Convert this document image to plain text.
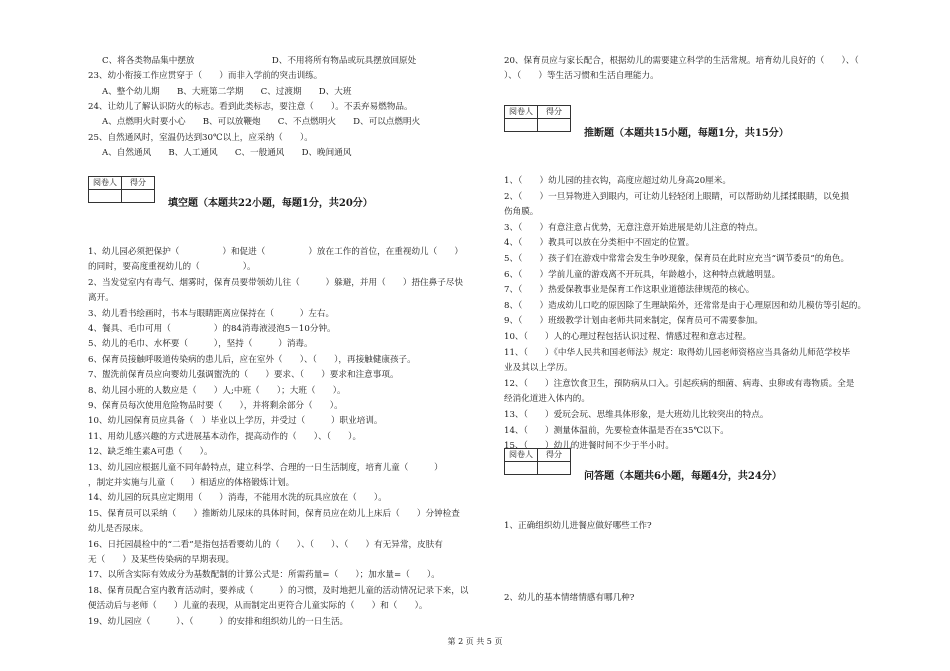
C、将各类物品集中摆放　　　　　　　　　D、不用将所有物品或玩具摆放回原处
23、幼小衔接工作应贯穿于（　　）而非入学前的突击训练。
A、整个幼儿期　　B、大班第二学期　　C、过渡期　　D、大班
24、让幼儿了解认识防火的标志。看到此类标志，要注意（　　）。不丢弃易燃物品。
A、点燃明火时要小心　　B、可以放鞭炮　　C、不点燃明火　　D、可以点燃明火
25、自然通风时，室温仍达到30℃以上，应采纳（　　）。
A、自然通风　　B、人工通风　　C、一般通风　　D、晚间通风
阅卷人	得分

填空题（本题共22小题，每题1分，共20分）
1、幼儿园必须把保护（　　　　　）和促进（　　　　　）放在工作的首位，在重视幼儿（　　）
的同时，要高度重视幼儿的（　　　　　）。
2、当发觉室内有毒气、烟雾时，保育员要带领幼儿往（　　　）躲避，并用（　　）捂住鼻子尽快
离开。
3、幼儿看书绘画时，书本与眼睛距离应保持在（　　　）左右。
4、餐具、毛巾可用（　　　　　）的84消毒液浸泡5－10分钟。
5、幼儿的毛巾、水杯要（　　　），坚持（　　　）消毒。
6、保育员接触呼吸道传染病的患儿后，应在室外（　　）、（　　），再接触健康孩子。
7、盥洗前保育员应向婴幼儿强调盥洗的（　　）要求、（　　）要求和注意事项。
8、幼儿园小班的人数应是（　　）人;中班（　　）；大班（　　）。
9、保育员每次使用危险物品时要（　　），并将剩余部分（　　）。
10、幼儿园保育员应具备（　）毕业以上学历，并受过（　　　）职业培训。
11、用幼儿感兴趣的方式进展基本动作，提高动作的（　　）、（　　）。
12、缺乏维生素A可患（　　）。
13、幼儿园应根据儿童不同年龄特点，建立科学、合理的一日生活制度，培育儿童（　　　）
，制定并实施与儿童（　　）相适应的体格锻炼计划。
14、幼儿园的玩具应定期用（　　）消毒，不能用水洗的玩具应放在（　　）。
15、保育员可以采纳（　　）推断幼儿尿床的具体时间，保育员应在幼儿上床后（　　）分钟检查
幼儿是否尿床。
16、日托园晨检中的“二看”是指包括看婴幼儿的（　　）、（　　）、（　　）有无异常，皮肤有
无（　　）及某些传染病的早期表现。
17、以所含实际有效成分为基数配制的计算公式是：所需药量=（　　）；加水量=（　　）。
18、保育员配合室内教育活动时，要养成（　　　）的习惯，及时地把儿童的活动情况记录下来，以
便活动后与老师（　　）儿童的表现，从而制定出更符合儿童实际的（　　）和（　　）。
19、幼儿园应（　　　）、（　　　）的安排和组织幼儿的一日生活。
20、保育员应与家长配合，根据幼儿的需要建立科学的生活常规。培育幼儿良好的（　　）、（
）、（　　）等生活习惯和生活自理能力。
阅卷人	得分

推断题（本题共15小题，每题1分，共15分）
1、（　　）幼儿园的挂衣钩，高度应超过幼儿身高20厘米。
2、（　　）一旦异物进入到眼内，可让幼儿轻轻闭上眼睛，可以帮助幼儿揉揉眼睛，以免损
伤角膜。
3、（　　）有意注意占优势，无意注意开始进展是幼儿注意的特点。
4、（　　）教具可以放在分类柜中不固定的位置。
5、（　　）孩子们在游戏中常常会发生争吵现象，保育员在此时应充当“调节委员”的角色。
6、（　　）学前儿童的游戏离不开玩具，年龄越小，这种特点就越明显。
7、（　　）热爱保教事业是保育工作这职业道德法律规范的核心。
8、（　　）造成幼儿口吃的原因除了生理缺陷外，还常常是由于心理原因和幼儿模仿等引起的。
9、（　　）班级教学计划由老师共同来制定，保育员可不需要参加。
10、（　　）人的心理过程包括认识过程、情感过程和意志过程。
11、（　　）《中华人民共和国老师法》规定：取得幼儿园老师资格应当具备幼儿师范学校毕
业及其以上学历。
12、（　　）注意饮食卫生，預防病从口入。引起疾病的细菌、病毒、虫卵或有毒物质。全是
经消化道进入体内的。
13、（　　）爱玩会玩、思维具体形象，是大班幼儿比较突出的特点。
14、（　　）测量体温前，先要检查体温是否在35℃以下。
15、（　　）幼儿的进餐时间不少于半小时。
阅卷人	得分

问答题（本题共6小题，每题4分，共24分）
1、正确组织幼儿进餐应做好哪些工作?
2、幼儿的基本情绪情感有哪几种?
第 2 页 共 5 页
